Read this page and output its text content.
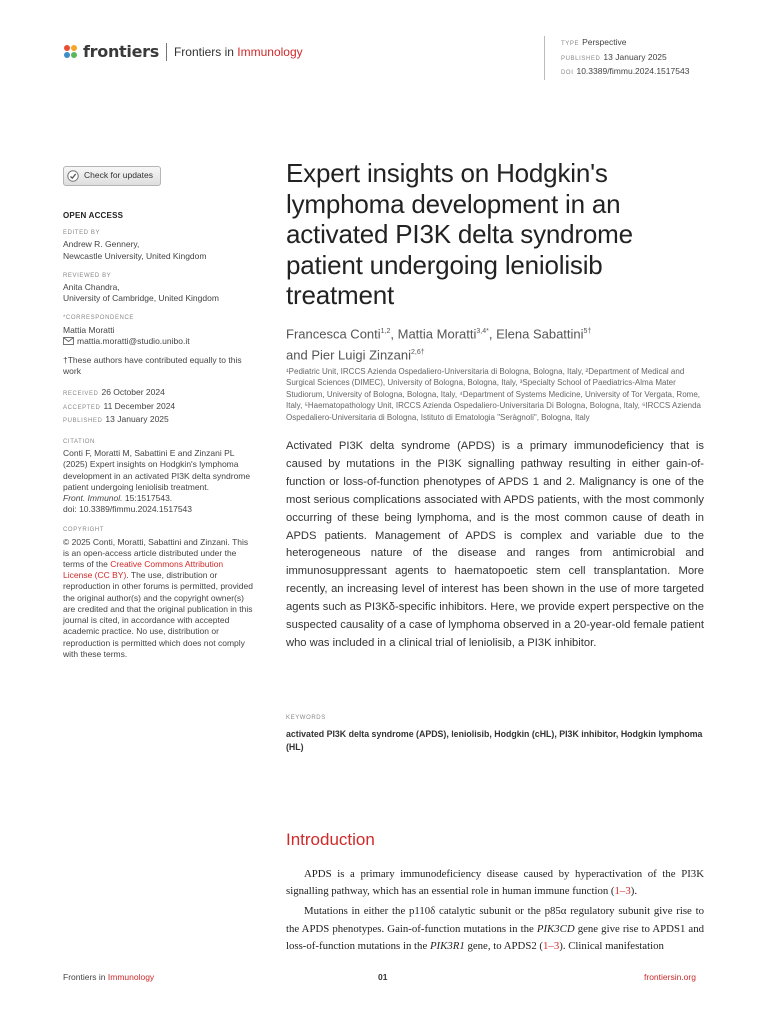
frontiers Frontiers in Immunology
TYPE Perspective
PUBLISHED 13 January 2025
DOI 10.3389/fimmu.2024.1517543
Check for updates
OPEN ACCESS
EDITED BY
Andrew R. Gennery,
Newcastle University, United Kingdom
REVIEWED BY
Anita Chandra,
University of Cambridge, United Kingdom
*CORRESPONDENCE
Mattia Moratti
mattia.moratti@studio.unibo.it
†These authors have contributed equally to this work
RECEIVED 26 October 2024
ACCEPTED 11 December 2024
PUBLISHED 13 January 2025
CITATION
Conti F, Moratti M, Sabattini E and Zinzani PL (2025) Expert insights on Hodgkin's lymphoma development in an activated PI3K delta syndrome patient undergoing leniolisib treatment.
Front. Immunol. 15:1517543.
doi: 10.3389/fimmu.2024.1517543
COPYRIGHT
© 2025 Conti, Moratti, Sabattini and Zinzani. This is an open-access article distributed under the terms of the Creative Commons Attribution License (CC BY). The use, distribution or reproduction in other forums is permitted, provided the original author(s) and the copyright owner(s) are credited and that the original publication in this journal is cited, in accordance with accepted academic practice. No use, distribution or reproduction is permitted which does not comply with these terms.
Expert insights on Hodgkin's lymphoma development in an activated PI3K delta syndrome patient undergoing leniolisib treatment
Francesca Conti$^{1,2}$, Mattia Moratti$^{3,4*}$, Elena Sabattini$^{5\dagger}$
and Pier Luigi Zinzani$^{2,6\dagger}$
¹Pediatric Unit, IRCCS Azienda Ospedaliero-Universitaria di Bologna, Bologna, Italy, ²Department of Medical and Surgical Sciences (DIMEC), University of Bologna, Bologna, Italy, ³Specialty School of Paediatrics-Alma Mater Studiorum, University of Bologna, Bologna, Italy, ⁴Department of Systems Medicine, University of Tor Vergata, Rome, Italy, ⁵Haematopathology Unit, IRCCS Azienda Ospedaliero-Universitaria Di Bologna, Bologna, Italy, ⁶IRCCS Azienda Ospedaliero-Universitaria di Bologna, Istituto di Ematologia "Seràgnoli", Bologna, Italy
Activated PI3K delta syndrome (APDS) is a primary immunodeficiency that is caused by mutations in the PI3K signalling pathway resulting in either gain-of-function or loss-of-function phenotypes of APDS 1 and 2. Malignancy is one of the most serious complications associated with APDS patients, with the most commonly occurring of these being lymphoma, and is the most common cause of death in APDS patients. Management of APDS is complex and variable due to the heterogeneous nature of the disease and ranges from antimicrobial and immunosuppressant agents to haematopoetic stem cell transplantation. More recently, an increasing level of interest has been shown in the use of more targeted agents such as PI3Kδ-specific inhibitors. Here, we provide expert perspective on the suspected causality of a case of lymphoma observed in a 20-year-old female patient who was included in a clinical trial of leniolisib, a PI3K inhibitor.
KEYWORDS
activated PI3K delta syndrome (APDS), leniolisib, Hodgkin (cHL), PI3K inhibitor, Hodgkin lymphoma (HL)
Introduction

APDS is a primary immunodeficiency disease caused by hyperactivation of the PI3K signalling pathway, which has an essential role in human immune function (1–3).

Mutations in either the p110δ catalytic subunit or the p85α regulatory subunit give rise to the APDS phenotypes. Gain-of-function mutations in the PIK3CD gene give rise to APDS1 and loss-of-function mutations in the PIK3R1 gene, to APDS2 (1–3). Clinical manifestation

Frontiers in Immunology	01	frontiersin.org
